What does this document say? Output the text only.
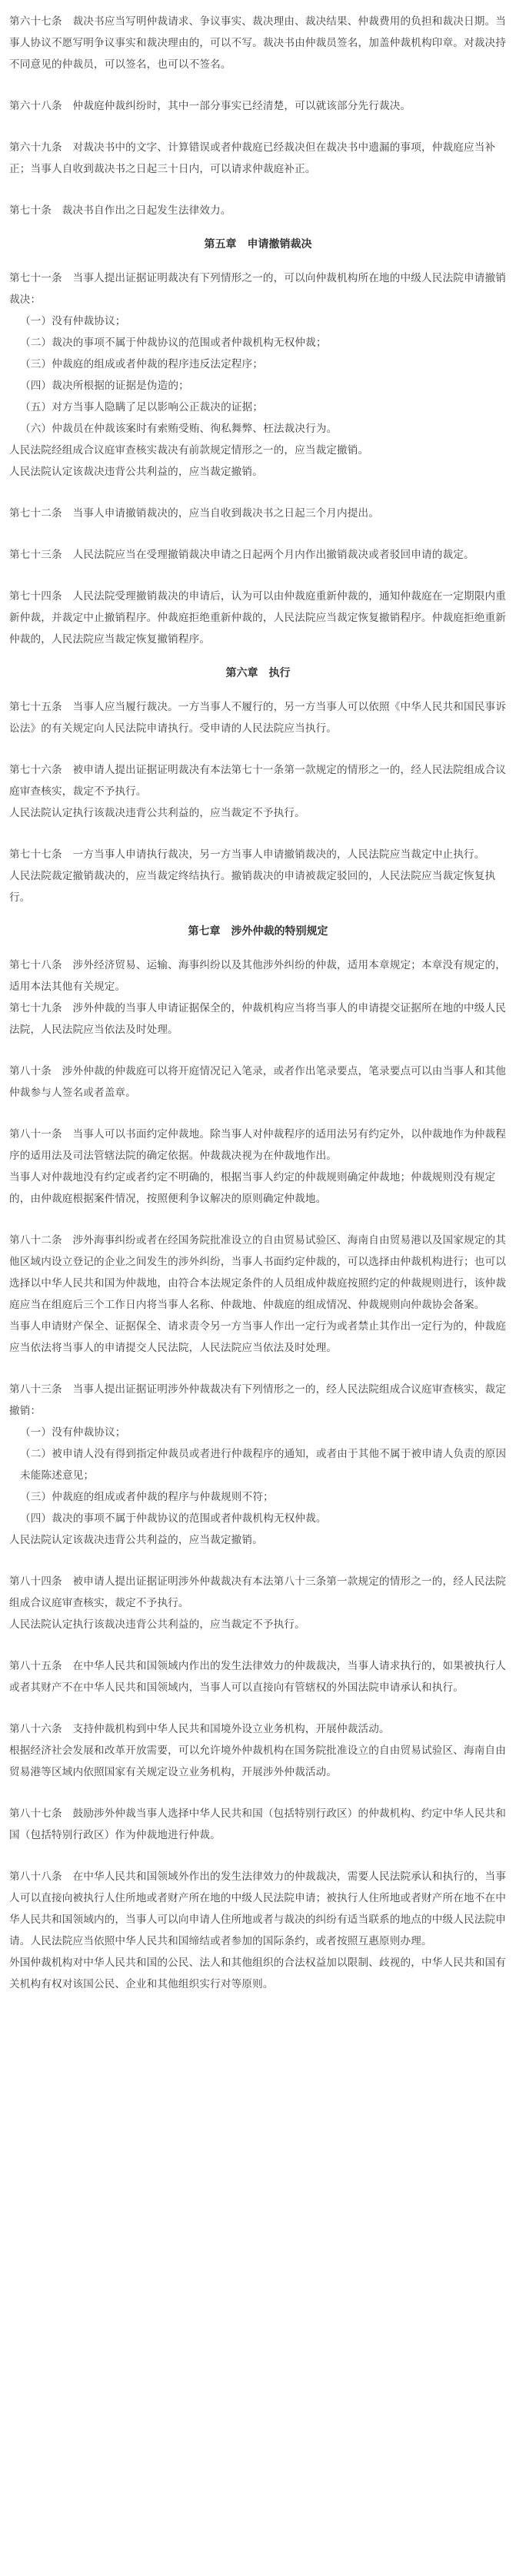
第六十七条　裁决书应当写明仲裁请求、争议事实、裁决理由、裁决结果、仲裁费用的负担和裁决日期。当事人协议不愿写明争议事实和裁决理由的，可以不写。裁决书由仲裁员签名，加盖仲裁机构印章。对裁决持不同意见的仲裁员，可以签名，也可以不签名。

第六十八条　仲裁庭仲裁纠纷时，其中一部分事实已经清楚，可以就该部分先行裁决。

第六十九条　对裁决书中的文字、计算错误或者仲裁庭已经裁决但在裁决书中遗漏的事项，仲裁庭应当补正；当事人自收到裁决书之日起三十日内，可以请求仲裁庭补正。

第七十条　裁决书自作出之日起发生法律效力。

第五章　申请撤销裁决
第七十一条　当事人提出证据证明裁决有下列情形之一的，可以向仲裁机构所在地的中级人民法院申请撤销裁决：
（一）没有仲裁协议；
（二）裁决的事项不属于仲裁协议的范围或者仲裁机构无权仲裁；
（三）仲裁庭的组成或者仲裁的程序违反法定程序；
（四）裁决所根据的证据是伪造的；
（五）对方当事人隐瞒了足以影响公正裁决的证据；
（六）仲裁员在仲裁该案时有索贿受贿、徇私舞弊、枉法裁决行为。
人民法院经组成合议庭审查核实裁决有前款规定情形之一的，应当裁定撤销。
人民法院认定该裁决违背公共利益的，应当裁定撤销。

第七十二条　当事人申请撤销裁决的，应当自收到裁决书之日起三个月内提出。

第七十三条　人民法院应当在受理撤销裁决申请之日起两个月内作出撤销裁决或者驳回申请的裁定。

第七十四条　人民法院受理撤销裁决的申请后，认为可以由仲裁庭重新仲裁的，通知仲裁庭在一定期限内重新仲裁，并裁定中止撤销程序。仲裁庭拒绝重新仲裁的，人民法院应当裁定恢复撤销程序。仲裁庭拒绝重新仲裁的，人民法院应当裁定恢复撤销程序。

第六章　执行

第七十五条　当事人应当履行裁决。一方当事人不履行的，另一方当事人可以依照《中华人民共和国民事诉讼法》的有关规定向人民法院申请执行。受申请的人民法院应当执行。

第七十六条　被申请人提出证据证明裁决有本法第七十一条第一款规定的情形之一的，经人民法院组成合议庭审查核实，裁定不予执行。
人民法院认定执行该裁决违背公共利益的，应当裁定不予执行。

第七十七条　一方当事人申请执行裁决，另一方当事人申请撤销裁决的，人民法院应当裁定中止执行。
人民法院裁定撤销裁决的，应当裁定终结执行。撤销裁决的申请被裁定驳回的，人民法院应当裁定恢复执行。

第七章　涉外仲裁的特别规定

第七十八条　涉外经济贸易、运输、海事纠纷以及其他涉外纠纷的仲裁，适用本章规定；本章没有规定的，适用本法其他有关规定。
第七十九条　涉外仲裁的当事人申请证据保全的，仲裁机构应当将当事人的申请提交证据所在地的中级人民法院，人民法院应当依法及时处理。

第八十条　涉外仲裁的仲裁庭可以将开庭情况记入笔录，或者作出笔录要点，笔录要点可以由当事人和其他仲裁参与人签名或者盖章。

第八十一条　当事人可以书面约定仲裁地。除当事人对仲裁程序的适用法另有约定外，以仲裁地作为仲裁程序的适用法及司法管辖法院的确定依据。仲裁裁决视为在仲裁地作出。
当事人对仲裁地没有约定或者约定不明确的，根据当事人约定的仲裁规则确定仲裁地；仲裁规则没有规定的，由仲裁庭根据案件情况，按照便利争议解决的原则确定仲裁地。

第八十二条　涉外海事纠纷或者在经国务院批准设立的自由贸易试验区、海南自由贸易港以及国家规定的其他区域内设立登记的企业之间发生的涉外纠纷，当事人书面约定仲裁的，可以选择由仲裁机构进行；也可以选择以中华人民共和国为仲裁地，由符合本法规定条件的人员组成仲裁庭按照约定的仲裁规则进行，该仲裁庭应当在组庭后三个工作日内将当事人名称、仲裁地、仲裁庭的组成情况、仲裁规则向仲裁协会备案。
当事人申请财产保全、证据保全、请求责令另一方当事人作出一定行为或者禁止其作出一定行为的，仲裁庭应当依法将当事人的申请提交人民法院，人民法院应当依法及时处理。

第八十三条　当事人提出证据证明涉外仲裁裁决有下列情形之一的，经人民法院组成合议庭审查核实，裁定撤销：
（一）没有仲裁协议；
（二）被申请人没有得到指定仲裁员或者进行仲裁程序的通知，或者由于其他不属于被申请人负责的原因未能陈述意见；
（三）仲裁庭的组成或者仲裁的程序与仲裁规则不符；
（四）裁决的事项不属于仲裁协议的范围或者仲裁机构无权仲裁。
人民法院认定该裁决违背公共利益的，应当裁定撤销。

第八十四条　被申请人提出证据证明涉外仲裁裁决有本法第八十三条第一款规定的情形之一的，经人民法院组成合议庭审查核实，裁定不予执行。
人民法院认定执行该裁决违背公共利益的，应当裁定不予执行。

第八十五条　在中华人民共和国领域内作出的发生法律效力的仲裁裁决，当事人请求执行的，如果被执行人或者其财产不在中华人民共和国领域内，当事人可以直接向有管辖权的外国法院申请承认和执行。

第八十六条　支持仲裁机构到中华人民共和国境外设立业务机构，开展仲裁活动。
根据经济社会发展和改革开放需要，可以允许境外仲裁机构在国务院批准设立的自由贸易试验区、海南自由贸易港等区域内依照国家有关规定设立业务机构，开展涉外仲裁活动。

第八十七条　鼓励涉外仲裁当事人选择中华人民共和国（包括特别行政区）的仲裁机构、约定中华人民共和国（包括特别行政区）作为仲裁地进行仲裁。

第八十八条　在中华人民共和国领域外作出的发生法律效力的仲裁裁决，需要人民法院承认和执行的，当事人可以直接向被执行人住所地或者财产所在地的中级人民法院申请；被执行人住所地或者财产所在地不在中华人民共和国领域内的，当事人可以向申请人住所地或者与裁决的纠纷有适当联系的地点的中级人民法院申请。人民法院应当依照中华人民共和国缔结或者参加的国际条约，或者按照互惠原则办理。
外国仲裁机构对中华人民共和国的公民、法人和其他组织的合法权益加以限制、歧视的，中华人民共和国有关机构有权对该国公民、企业和其他组织实行对等原则。
